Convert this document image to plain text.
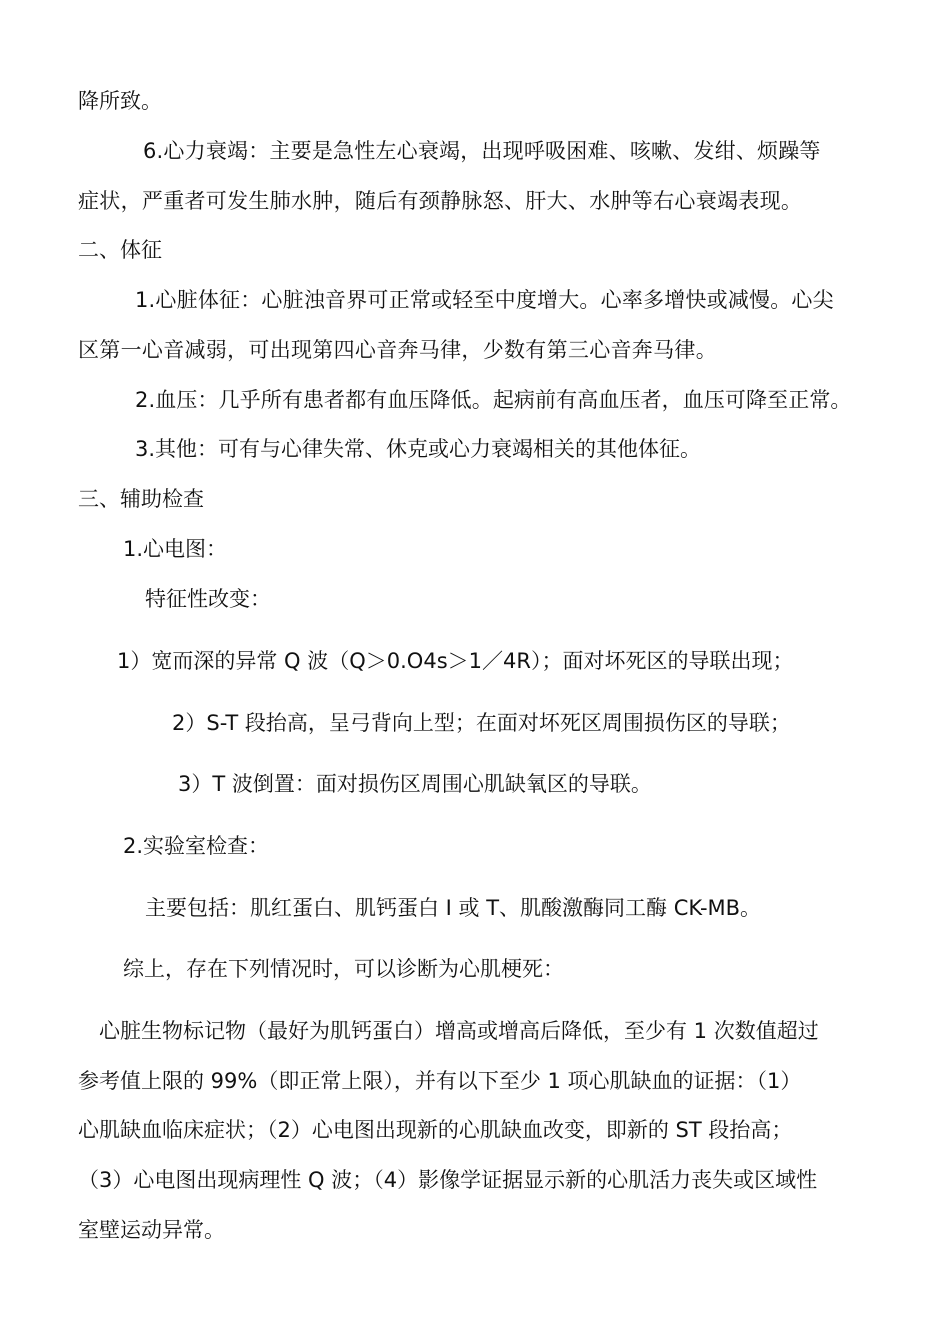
降所致。
6.心力衰竭：主要是急性左心衰竭，出现呼吸困难、咳嗽、发绀、烦躁等
症状，严重者可发生肺水肿，随后有颈静脉怒、肝大、水肿等右心衰竭表现。
二、体征
1.心脏体征：心脏浊音界可正常或轻至中度增大。心率多增快或减慢。心尖
区第一心音减弱，可出现第四心音奔马律，少数有第三心音奔马律。
2.血压：几乎所有患者都有血压降低。起病前有高血压者，血压可降至正常。
3.其他：可有与心律失常、休克或心力衰竭相关的其他体征。
三、辅助检查
1.心电图：
特征性改变：
1）宽而深的异常 Q 波（Q＞0.O4s＞1／4R）；面对坏死区的导联出现；
2）S-T 段抬高，呈弓背向上型；在面对坏死区周围损伤区的导联；
3）T 波倒置：面对损伤区周围心肌缺氧区的导联。
2.实验室检查：
主要包括：肌红蛋白、肌钙蛋白 I 或 T、肌酸激酶同工酶 CK-MB。
综上，存在下列情况时，可以诊断为心肌梗死：
心脏生物标记物（最好为肌钙蛋白）增高或增高后降低，至少有 1 次数值超过
参考值上限的 99%（即正常上限），并有以下至少 1 项心肌缺血的证据：（1）
心肌缺血临床症状；（2）心电图出现新的心肌缺血改变，即新的 ST 段抬高；
（3）心电图出现病理性 Q 波；（4）影像学证据显示新的心肌活力丧失或区域性
室壁运动异常。
